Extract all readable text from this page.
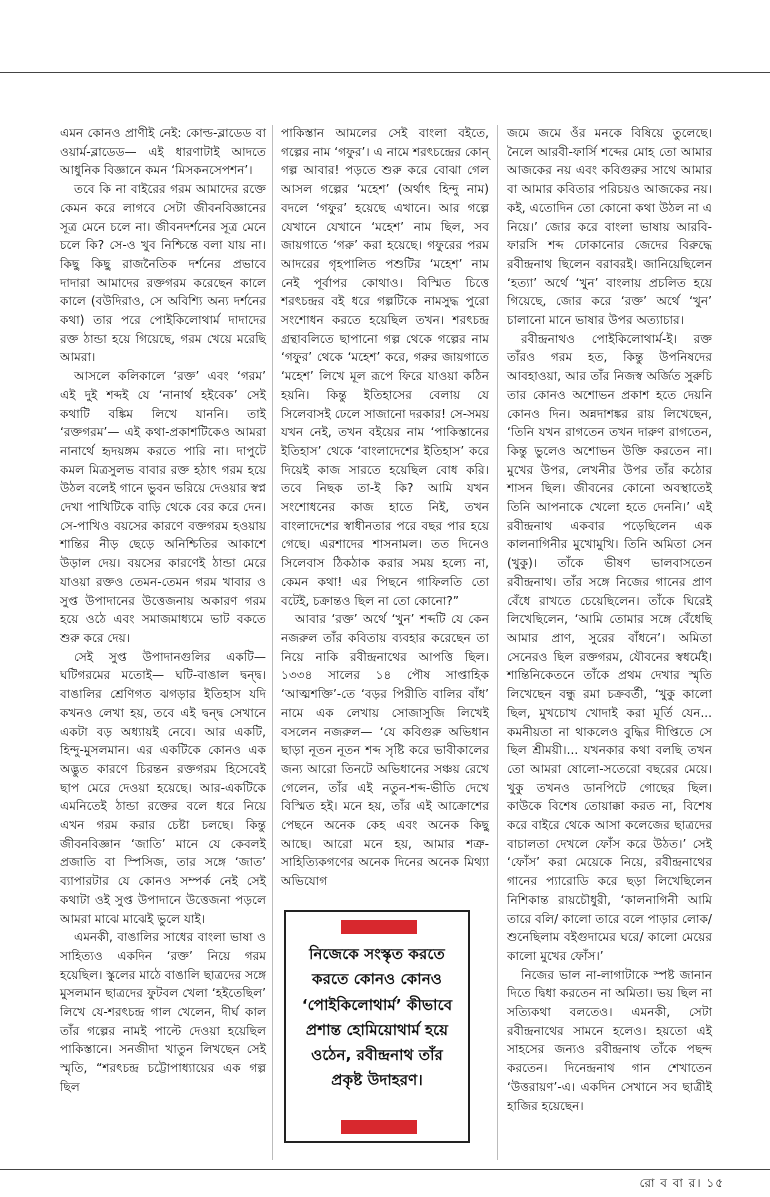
এমন কোনও প্রাণীই নেই: কোল্ড-ব্লাডেড বা ওয়ার্ম-ব্লাডেড— এই ধারণাটাই আদতে আধুনিক বিজ্ঞানে কমন ‘মিসকনসেপশন’।

তবে কি না বাইরের গরম আমাদের রক্তে কেমন করে লাগবে সেটা জীবনবিজ্ঞানের সূত্র মেনে চলে না। জীবনদর্শনের সূত্র মেনে চলে কি? সে-ও খুব নিশ্চিন্তে বলা যায় না। কিছু কিছু রাজনৈতিক দর্শনের প্রভাবে দাদারা আমাদের রক্তগরম করেছেন কালে কালে (বউদিরাও, সে অবিশ্যি অন্য দর্শনের কথা) তার পরে পোইকিলোথার্ম দাদাদের রক্ত ঠান্ডা হয়ে গিয়েছে, গরম খেয়ে মরেছি আমরা।

আসলে কলিকালে ‘রক্ত’ এবং ‘গরম’ এই দুই শব্দই যে ‘নানার্থ হইবেক’ সেই কথাটি বঙ্কিম লিখে যাননি। তাই ‘রক্তগরম’— এই কথা-প্রকাশটিকেও আমরা নানার্থে হৃদয়ঙ্গম করতে পারি না। দাপুটে কমল মিত্রসুলভ বাবার রক্ত হঠাৎ গরম হয়ে উঠল বলেই গানে ভুবন ভরিয়ে দেওয়ার স্বপ্ন দেখা পাখিটিকে বাড়ি থেকে বের করে দেন। সে-পাখিও বয়সের কারণে বক্তগরম হওয়ায় শান্তির নীড় ছেড়ে অনিশ্চিতির আকাশে উড়াল দেয়। বয়সের কারণেই ঠান্ডা মেরে যাওয়া রক্তও তেমন-তেমন গরম খাবার ও সুপ্ত উপাদানের উত্তেজনায় অকারণ গরম হয়ে ওঠে এবং সমাজমাধ্যমে ভাট বকতে শুরু করে দেয়।

সেই সুপ্ত উপাদানগুলির একটি— ঘটিগরমের মতোই— ঘটি-বাঙাল দ্বন্দ্ব। বাঙালির শ্রেণিগত ঝগড়ার ইতিহাস যদি কখনও লেখা হয়, তবে এই দ্বন্দ্ব সেখানে একটা বড় অধ্যায়ই নেবে। আর একটি, হিন্দু-মুসলমান। এর একটিকে কোনও এক অদ্ভুত কারণে চিরন্তন রক্তগরম হিসেবেই ছাপ মেরে দেওয়া হয়েছে। আর-একটিকে এমনিতেই ঠান্ডা রক্তের বলে ধরে নিয়ে এখন গরম করার চেষ্টা চলছে। কিন্তু জীবনবিজ্ঞান ‘জাতি’ মানে যে কেবলই প্রজাতি বা স্পিসিজ, তার সঙ্গে ‘জাত’ ব্যাপারটার যে কোনও সম্পর্ক নেই সেই কথাটা ওই সুপ্ত উপাদানে উত্তেজনা পড়লে আমরা মাঝে মাঝেই ভুলে যাই।

এমনকী, বাঙালির সাধের বাংলা ভাষা ও সাহিত্যও একদিন ‘রক্ত’ নিয়ে গরম হয়েছিল। স্কুলের মাঠে বাঙালি ছাত্রদের সঙ্গে মুসলমান ছাত্রদের ফুটবল খেলা ‘হইতেছিল’ লিখে যে-শরৎচন্দ্র গাল খেলেন, দীর্ঘ কাল তাঁর গল্পের নামই পাল্টে দেওয়া হয়েছিল পাকিস্তানে। সনজীদা খাতুন লিখছেন সেই স্মৃতি, “শরৎচন্দ্র চট্টোপাধ্যায়ের এক গল্প ছিল

পাকিস্তান আমলের সেই বাংলা বইতে, গল্পের নাম ‘গফুর’। এ নামে শরৎচন্দ্রের কোন্ গল্প আবার! পড়তে শুরু করে বোঝা গেল আসল গল্পের ‘মহেশ’ (অর্থাৎ হিন্দু নাম) বদলে ‘গফুর’ হয়েছে এখানে। আর গল্পে যেখানে যেখানে ‘মহেশ’ নাম ছিল, সব জায়গাতে ‘গরু’ করা হয়েছে। গফুরের পরম আদরের গৃহপালিত পশুটির ‘মহেশ’ নাম নেই পূর্বাপর কোথাও। বিস্মিত চিত্তে শরৎচন্দ্রর বই ধরে গল্পটিকে নামসুদ্ধ পুরো সংশোধন করতে হয়েছিল তখন। শরৎচন্দ্র গ্রন্থাবলিতে ছাপানো গল্প থেকে গল্পের নাম ‘গফুর’ থেকে ‘মহেশ’ করে, গরুর জায়গাতে ‘মহেশ’ লিখে মূল রূপে ফিরে যাওয়া কঠিন হয়নি। কিন্তু ইতিহাসের বেলায় যে সিলেবাসই ঢেলে সাজানো দরকার! সে-সময় যখন নেই, তখন বইয়ের নাম ‘পাকিস্তানের ইতিহাস’ থেকে ‘বাংলাদেশের ইতিহাস’ করে দিয়েই কাজ সারতে হয়েছিল বোধ করি। তবে নিছক তা-ই কি? আমি যখন সংশোধনের কাজ হাতে নিই, তখন বাংলাদেশের স্বাধীনতার পরে বছর পার হয়ে গেছে। এরশাদের শাসনামল। তত দিনেও সিলেবাস ঠিকঠাক করার সময় হল্যে না, কেমন কথা! এর পিছনে গাফিলতি তো বটেই, চক্রান্তও ছিল না তো কোনো?”

আবার ‘রক্ত’ অর্থে ‘খুন’ শব্দটি যে কেন নজরুল তাঁর কবিতায় ব্যবহার করেছেন তা নিয়ে নাকি রবীন্দ্রনাথের আপত্তি ছিল। ১৩৩৪ সালের ১৪ পৌষ সাপ্তাহিক ‘আত্মশক্তি’-তে ‘বড়র পিরীতি বালির বাঁধ’ নামে এক লেখায় সোজাসুজি লিখেই বসলেন নজরুল— ‘যে কবিগুরু অভিধান ছাড়া নূতন নূতন শব্দ সৃষ্টি করে ভাবীকালের জন্য আরো তিনটে অভিধানের সঞ্চয় রেখে গেলেন, তাঁর এই নতুন-শব্দ-ভীতি দেখে বিস্মিত হই। মনে হয়, তাঁর এই আক্রোশের পেছনে অনেক কেহ এবং অনেক কিছু আছে। আরো মনে হয়, আমার শত্রু-সাহিত্যিকগণের অনেক দিনের অনেক মিথ্যা অভিযোগ

জমে জমে ওঁর মনকে বিষিয়ে তুলেছে। নৈলে আরবী-ফার্সি শব্দের মোহ তো আমার আজকের নয় এবং কবিগুরুর সাথে আমার বা আমার কবিতার পরিচয়ও আজকের নয়। কই, এতোদিন তো কোনো কথা উঠল না এ নিয়ে।’ জোর করে বাংলা ভাষায় আরবি-ফারসি শব্দ ঢোকানোর জেদের বিরুদ্ধে রবীন্দ্রনাথ ছিলেন বরাবরই। জানিয়েছিলেন ‘হত্যা’ অর্থে ‘খুন’ বাংলায় প্রচলিত হয়ে গিয়েছে, জোর করে ‘রক্ত’ অর্থে ‘খুন’ চালানো মানে ভাষার উপর অত্যাচার।

রবীন্দ্রনাথও পোইকিলোথার্ম-ই। রক্ত তাঁরও গরম হত, কিন্তু উপনিষদের আবহাওয়া, আর তাঁর নিজস্ব অর্জিত সুরুচি তার কোনও অশোভন প্রকাশ হতে দেয়নি কোনও দিন। অন্নদাশঙ্কর রায় লিখেছেন, ‘তিনি যখন রাগতেন তখন দারুণ রাগতেন, কিন্তু ভুলেও অশোভন উক্তি করতেন না। মুখের উপর, লেখনীর উপর তাঁর কঠোর শাসন ছিল। জীবনের কোনো অবস্থাতেই তিনি আপনাকে খেলো হতে দেননি।’ এই রবীন্দ্রনাথ একবার পড়েছিলেন এক কালনাগিনীর মুখোমুখি। তিনি অমিতা সেন (খুকু)। তাঁকে ভীষণ ভালবাসতেন রবীন্দ্রনাথ। তাঁর সঙ্গে নিজের গানের প্রাণ বেঁধে রাখতে চেয়েছিলেন। তাঁকে ঘিরেই লিখেছিলেন, ‘আমি তোমার সঙ্গে বেঁধেছি আমার প্রাণ, সুরের বাঁধনে’। অমিতা সেনেরও ছিল রক্তগরম, যৌবনের স্বধর্মেই। শান্তিনিকেতনে তাঁকে প্রথম দেখার স্মৃতি লিখেছেন বন্ধু রমা চক্রবর্তী, ‘খুকু কালো ছিল, মুখচোখ খোদাই করা মূর্তি যেন... কমনীয়তা না থাকলেও বুদ্ধির দীপ্তিতে সে ছিল শ্রীময়ী।... যখনকার কথা বলছি তখন তো আমরা ষোলো-সতেরো বছরের মেয়ে। খুকু তখনও ডানপিটে গোছের ছিল। কাউকে বিশেষ তোয়াক্কা করত না, বিশেষ করে বাইরে থেকে আসা কলেজের ছাত্রদের বাচালতা দেখলে ফোঁস করে উঠত।’ সেই ‘ফোঁস’ করা মেয়েকে নিয়ে, রবীন্দ্রনাথের গানের প্যারোডি করে ছড়া লিখেছিলেন নিশিকান্ত রায়চৌধুরী, ‘কালনাগিনী আমি তারে বলি/ কালো তারে বলে পাড়ার লোক/ শুনেছিলাম বইগুদামের ঘরে/ কালো মেয়ের কালো মুখের ফোঁস।’

নিজের ভাল না-লাগাটাকে স্পষ্ট জানান দিতে দ্বিধা করতেন না অমিতা। ভয় ছিল না সত্যিকথা বলতেও। এমনকী, সেটা রবীন্দ্রনাথের সামনে হলেও। হয়তো এই সাহসের জন্যও রবীন্দ্রনাথ তাঁকে পছন্দ করতেন। দিনেন্দ্রনাথ গান শেখাতেন ‘উত্তরায়ণ’-এ। একদিন সেখানে সব ছাত্রীই হাজির হয়েছেন।

নিজেকে সংস্কৃত করতে করতে কোনও কোনও ‘পোইকিলোথার্ম’ কীভাবে প্রশান্ত হোমিয়োথার্ম হয়ে ওঠেন, রবীন্দ্রনাথ তাঁর প্রকৃষ্ট উদাহরণ।
রো ব বা র। ১৫
